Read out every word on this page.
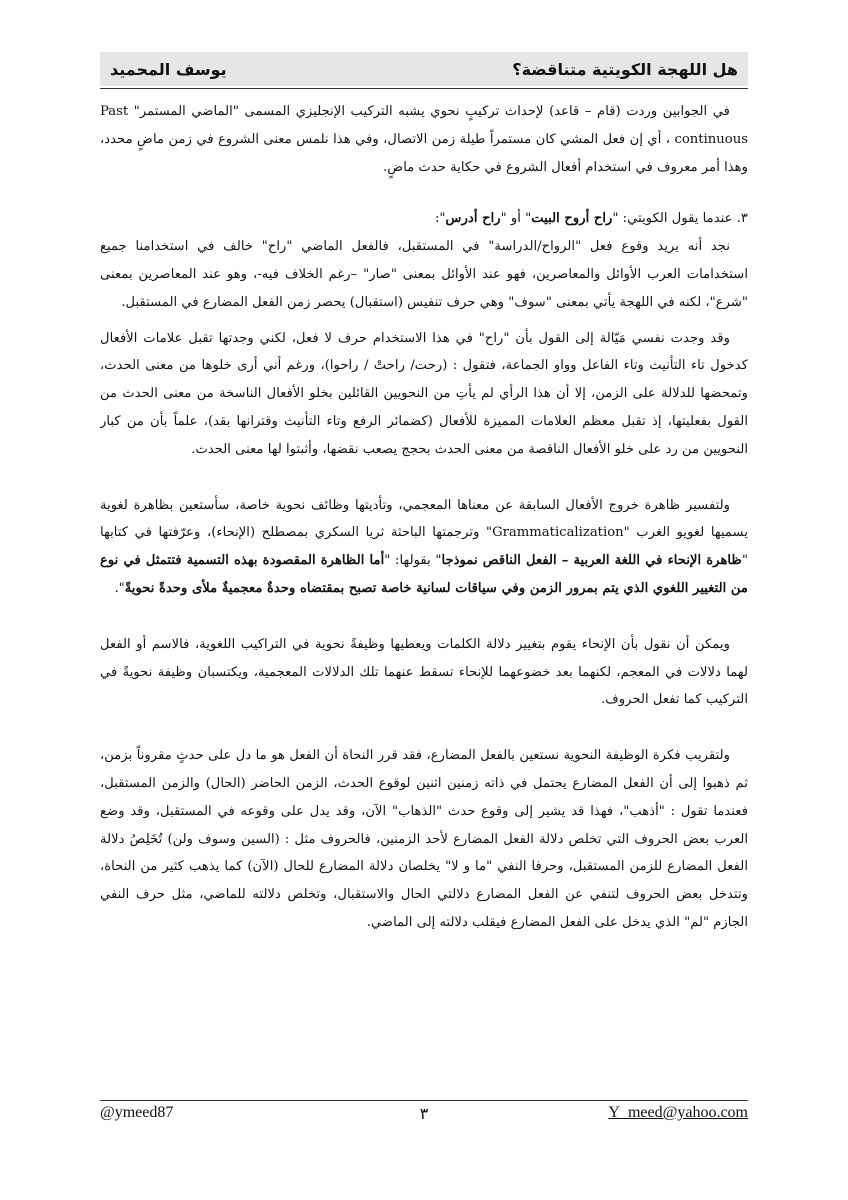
هل اللهجة الكويتية متناقضة؟
يوسف المحميد

في الجوابين وردت (قام – قاعد) لإحداث تركيبٍ نحوي يشبه التركيب الإنجليزي المسمى "الماضي المستمر" Past continuous ، أي إن فعل المشي كان مستمراً طيلة زمن الاتصال، وفي هذا نلمس معنى الشروع في زمن ماضٍ محدد، وهذا أمر معروف في استخدام أفعال الشروع في حكاية حدث ماضٍ.

٣. عندما يقول الكويتي: "راح أروح البيت" أو "راح أدرس":

نجد أنه يريد وقوع فعل "الرواح/الدراسة" في المستقبل، فالفعل الماضي "راح" خالف في استخدامنا جميع استخدامات العرب الأوائل والمعاصرين، فهو عند الأوائل بمعنى "صار" –رغم الخلاف فيه-، وهو عند المعاصرين بمعنى "شرع"، لكنه في اللهجة يأتي بمعنى "سوف" وهي حرف تنفيس (استقبال) يحصر زمن الفعل المضارع في المستقبل.

وقد وجدت نفسي مَيّالة إلى القول بأن "راح" في هذا الاستخدام حرف لا فعل، لكني وجدتها تقبل علامات الأفعال كدخول تاء التأنيث وتاء الفاعل وواو الجماعة، فتقول : (رحت/ راحتْ / راحوا)، ورغم أني أرى خلوها من معنى الحدث، وتمحضها للدلالة على الزمن، إلا أن هذا الرأي لم يأتِ من النحويين القائلين بخلو الأفعال الناسخة من معنى الحدث من القول بفعليتها، إذ تقبل معظم العلامات المميزة للأفعال (كضمائر الرفع وتاء التأنيث وقترانها بقد)، علماً بأن من كبار النحويين من رد على خلو الأفعال الناقصة من معنى الحدث بحجج يصعب نقضها، وأثبتوا لها معنى الحدث.

ولتفسير ظاهرة خروج الأفعال السابقة عن معناها المعجمي، وتأديتها وظائف نحوية خاصة، سأستعين بظاهرة لغوية يسميها لغويو الغرب "Grammaticalization" وترجمتها الباحثة ثريا السكري بمصطلح (الإنحاء)، وعرّفتها في كتابها "ظاهرة الإنحاء في اللغة العربية – الفعل الناقص نموذجا" بقولها: "أما الظاهرة المقصودة بهذه التسمية فتتمثل في نوع من التغيير اللغوي الذي يتم بمرور الزمن وفي سياقات لسانية خاصة تصبح بمقتضاه وحدةٌ معجميةٌ ملأى وحدةً نحويةً".

ويمكن أن نقول بأن الإنحاء يقوم بتغيير دلالة الكلمات ويعطيها وظيفةً نحوية في التراكيب اللغوية، فالاسم أو الفعل لهما دلالات في المعجم، لكنهما بعد خضوعهما للإنحاء تسقط عنهما تلك الدلالات المعجمية، ويكتسبان وظيفة نحويةً في التركيب كما تفعل الحروف.

ولتقريب فكرة الوظيفة النحوية نستعين بالفعل المضارع، فقد قرر النحاة أن الفعل هو ما دل على حدثٍ مقروناً بزمن، ثم ذهبوا إلى أن الفعل المضارع يحتمل في ذاته زمنين اثنين لوقوع الحدث، الزمن الحاضر (الحال) والزمن المستقبل، فعندما تقول : "أذهب"، فهذا قد يشير إلى وقوع حدث "الذهاب" الآن، وقد يدل على وقوعه في المستقبل، وقد وضع العرب بعض الحروف التي تخلص دلالة الفعل المضارع لأحد الزمنين، فالحروف مثل : (السين وسوف ولن) تُخَلِصُ دلالة الفعل المضارع للزمن المستقبل، وحرفا النفي "ما و لا" يخلصان دلالة المضارع للحال (الآن) كما يذهب كثير من النحاة، وتتدخل بعض الحروف لتنفي عن الفعل المضارع دلالتي الحال والاستقبال، وتخلص دلالته للماضي، مثل حرف النفي الجازم "لم" الذي يدخل على الفعل المضارع فيقلب دلالته إلى الماضي.

@ymeed87	٣	Y_meed@yahoo.com
